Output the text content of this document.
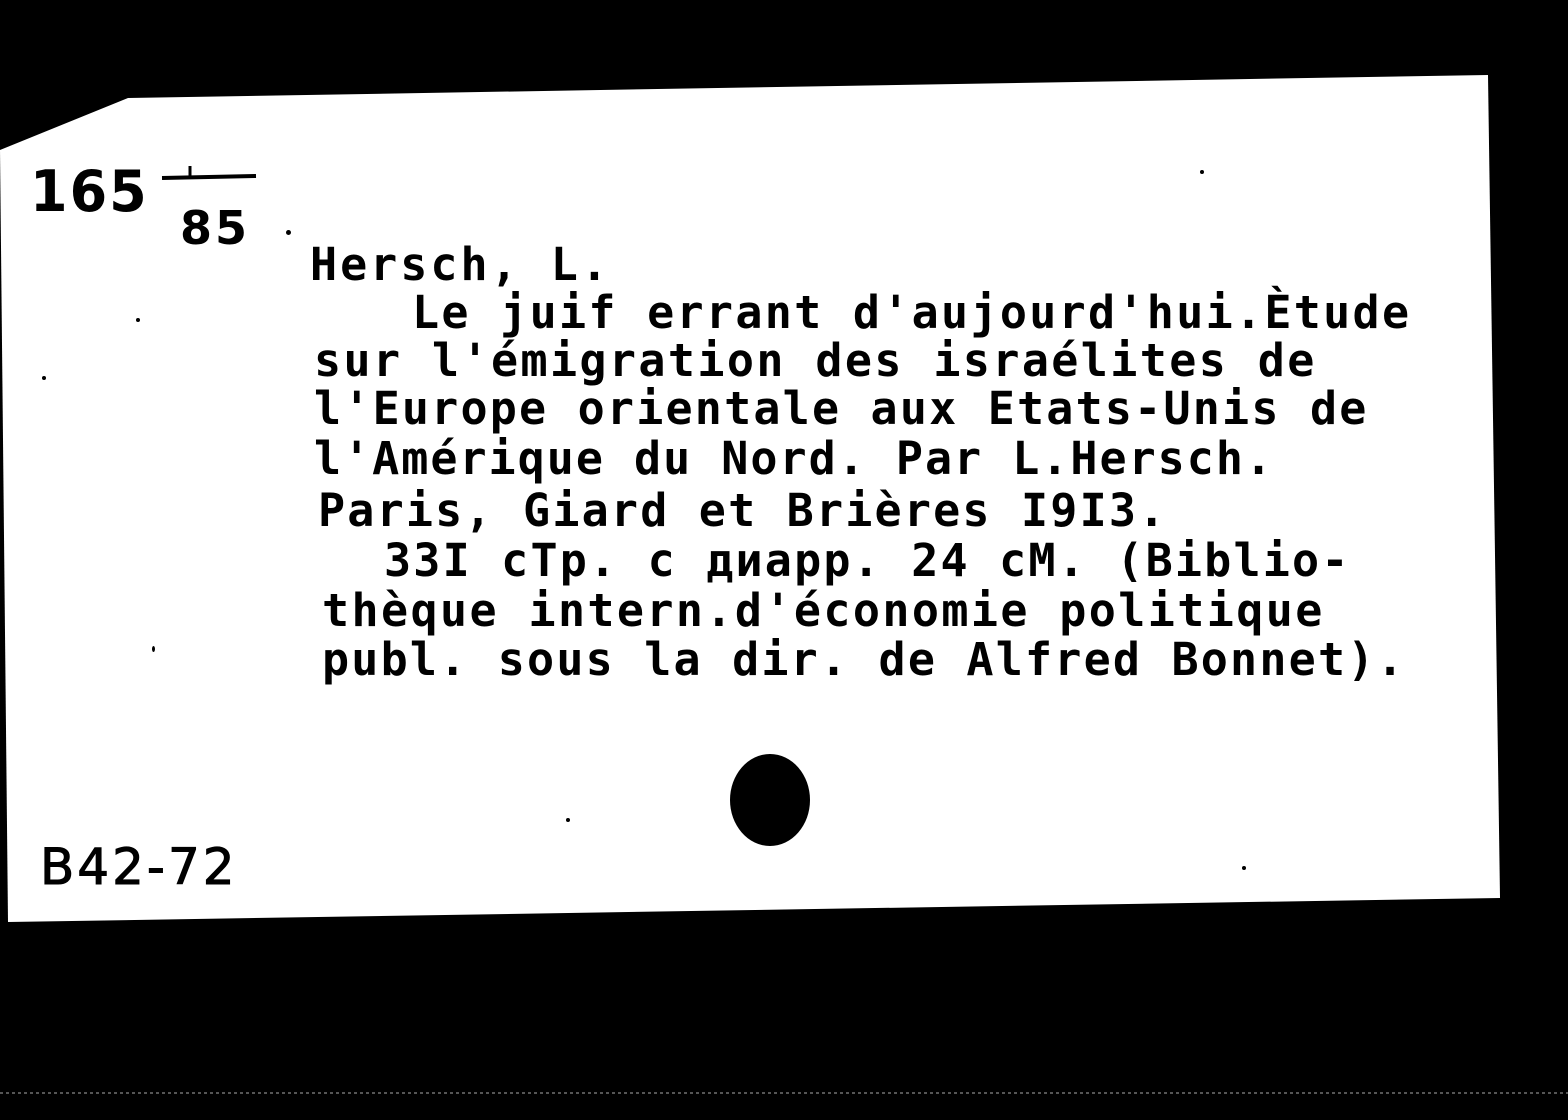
165
85
B42-72
Hersch, L.
Le juif errant d'aujourd'hui.Ètude
sur l'émigration des israélites de
l'Europe orientale aux Etats-Unis de
l'Amérique du Nord. Par L.Hersch.
Paris, Giard et Brières I9I3.
33I cTp. c диарр. 24 cM. (Biblio-
thèque intern.d'économie politique
publ. sous la dir. de Alfred Bonnet).
